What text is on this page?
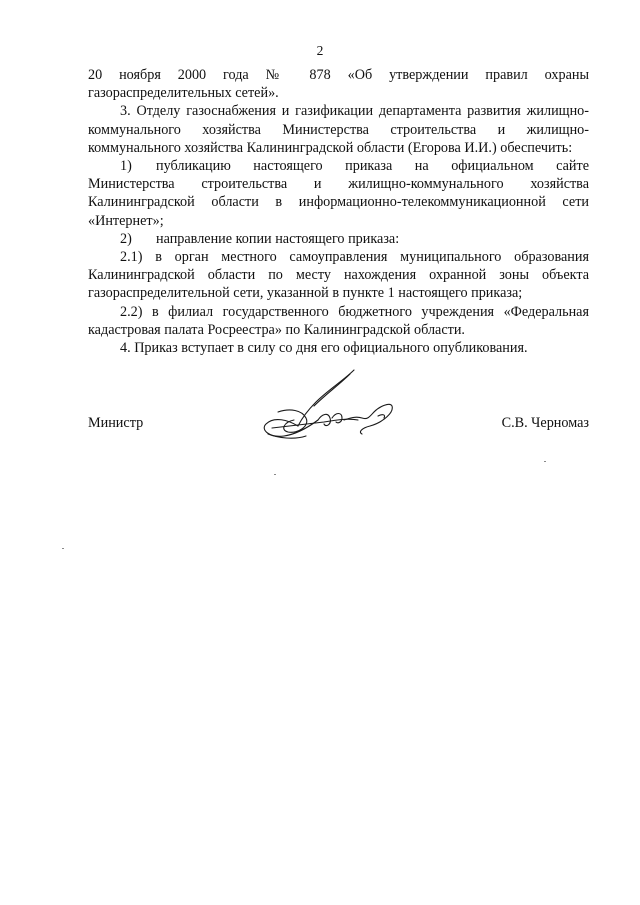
2

20 ноября 2000 года № 878 «Об утверждении правил охраны

газораспределительных сетей».

3. Отделу газоснабжения и газификации департамента развития жилищно-коммунального хозяйства Министерства строительства и жилищно-коммунального хозяйства Калининградской области (Егорова И.И.) обеспечить:

1)	публикацию настоящего приказа на официальном сайте

Министерства строительства и жилищно-коммунального хозяйства Калининградской области в информационно-телекоммуникационной сети «Интернет»;

2)	направление копии настоящего приказа:

2.1) в орган местного самоуправления муниципального образования Калининградской области по месту нахождения охранной зоны объекта газораспределительной сети, указанной в пункте 1 настоящего приказа;

2.2) в филиал государственного бюджетного учреждения «Федеральная кадастровая палата Росреестра» по Калининградской области.

4. Приказ вступает в силу со дня его официального опубликования.

Министр	С.В. Черномаз
